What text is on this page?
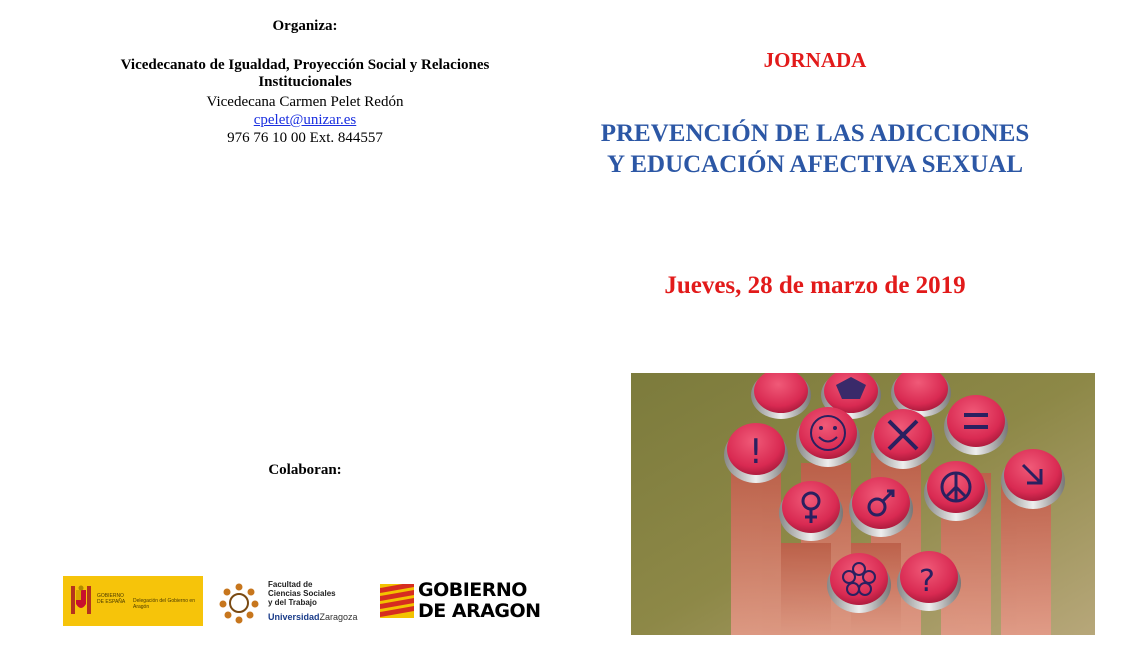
Organiza:
Vicedecanato de Igualdad, Proyección Social y Relaciones Institucionales
Vicedecana Carmen Pelet Redón
cpelet@unizar.es
976 76 10 00 Ext. 844557
Colaboran:
GOBIERNO
DE ESPAÑA Delegación del Gobierno en Aragón
Facultad de
Ciencias Sociales
y del Trabajo
UniversidadZaragoza
GOBIERNO
DE ARAGON
JORNADA
PREVENCIÓN DE LAS ADICCIONES
Y EDUCACIÓN AFECTIVA SEXUAL
Jueves, 28 de marzo de 2019
!
?
